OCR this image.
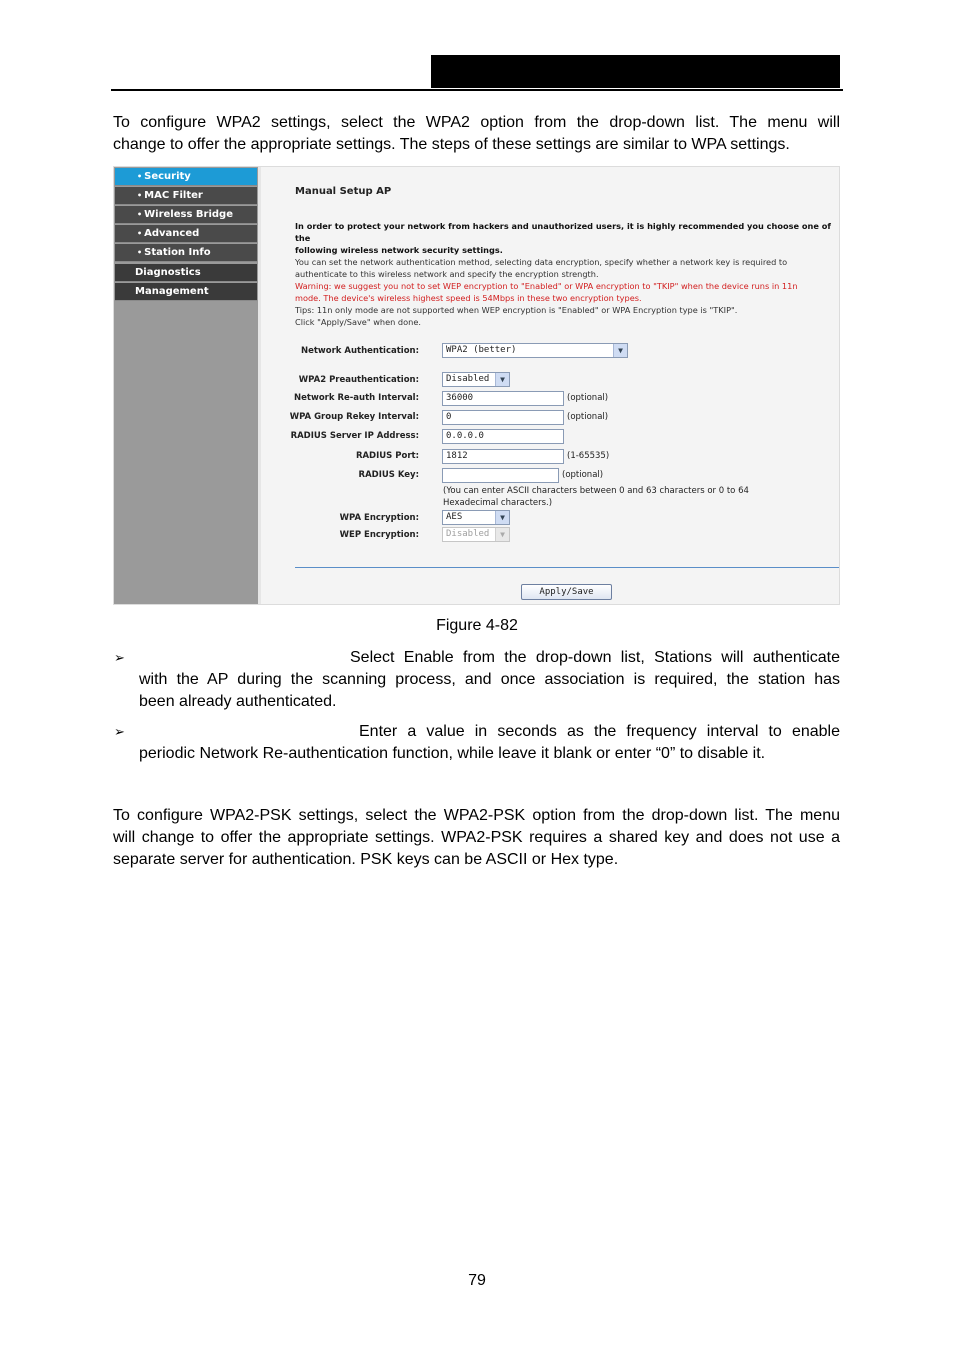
To configure WPA2 settings, select the WPA2 option from the drop-down list. The menu will
change to offer the appropriate settings. The steps of these settings are similar to WPA settings.
• Security
• MAC Filter
• Wireless Bridge
• Advanced
• Station Info
Diagnostics
Management
Manual Setup AP
In order to protect your network from hackers and unauthorized users, it is highly recommended you choose one of the
following wireless network security settings.
You can set the network authentication method, selecting data encryption, specify whether a network key is required to
authenticate to this wireless network and specify the encryption strength.
Warning: we suggest you not to set WEP encryption to "Enabled" or WPA encryption to "TKIP" when the device runs in 11n
mode. The device's wireless highest speed is 54Mbps in these two encryption types.
Tips: 11n only mode are not supported when WEP encryption is "Enabled" or WPA Encryption type is "TKIP".
Click "Apply/Save" when done.
Network Authentication:	WPA2 (better)	▼
WPA2 Preauthentication:	Disabled	▼
Network Re-auth Interval:	36000	(optional)
WPA Group Rekey Interval:	0	(optional)
RADIUS Server IP Address:	0.0.0.0
RADIUS Port:	1812	(1-65535)
RADIUS Key:	(optional)
(You can enter ASCII characters between 0 and 63 characters or 0 to 64
Hexadecimal characters.)
WPA Encryption:	AES	▼
WEP Encryption:	Disabled	▼
Apply/Save
Figure 4-82
➢	Select Enable from the drop-down list, Stations will authenticate
with the AP during the scanning process, and once association is required, the station has
been already authenticated.
➢	Enter a value in seconds as the frequency interval to enable
periodic Network Re-authentication function, while leave it blank or enter “0” to disable it.
To configure WPA2-PSK settings, select the WPA2-PSK option from the drop-down list. The menu
will change to offer the appropriate settings. WPA2-PSK requires a shared key and does not use a
separate server for authentication. PSK keys can be ASCII or Hex type.
79
